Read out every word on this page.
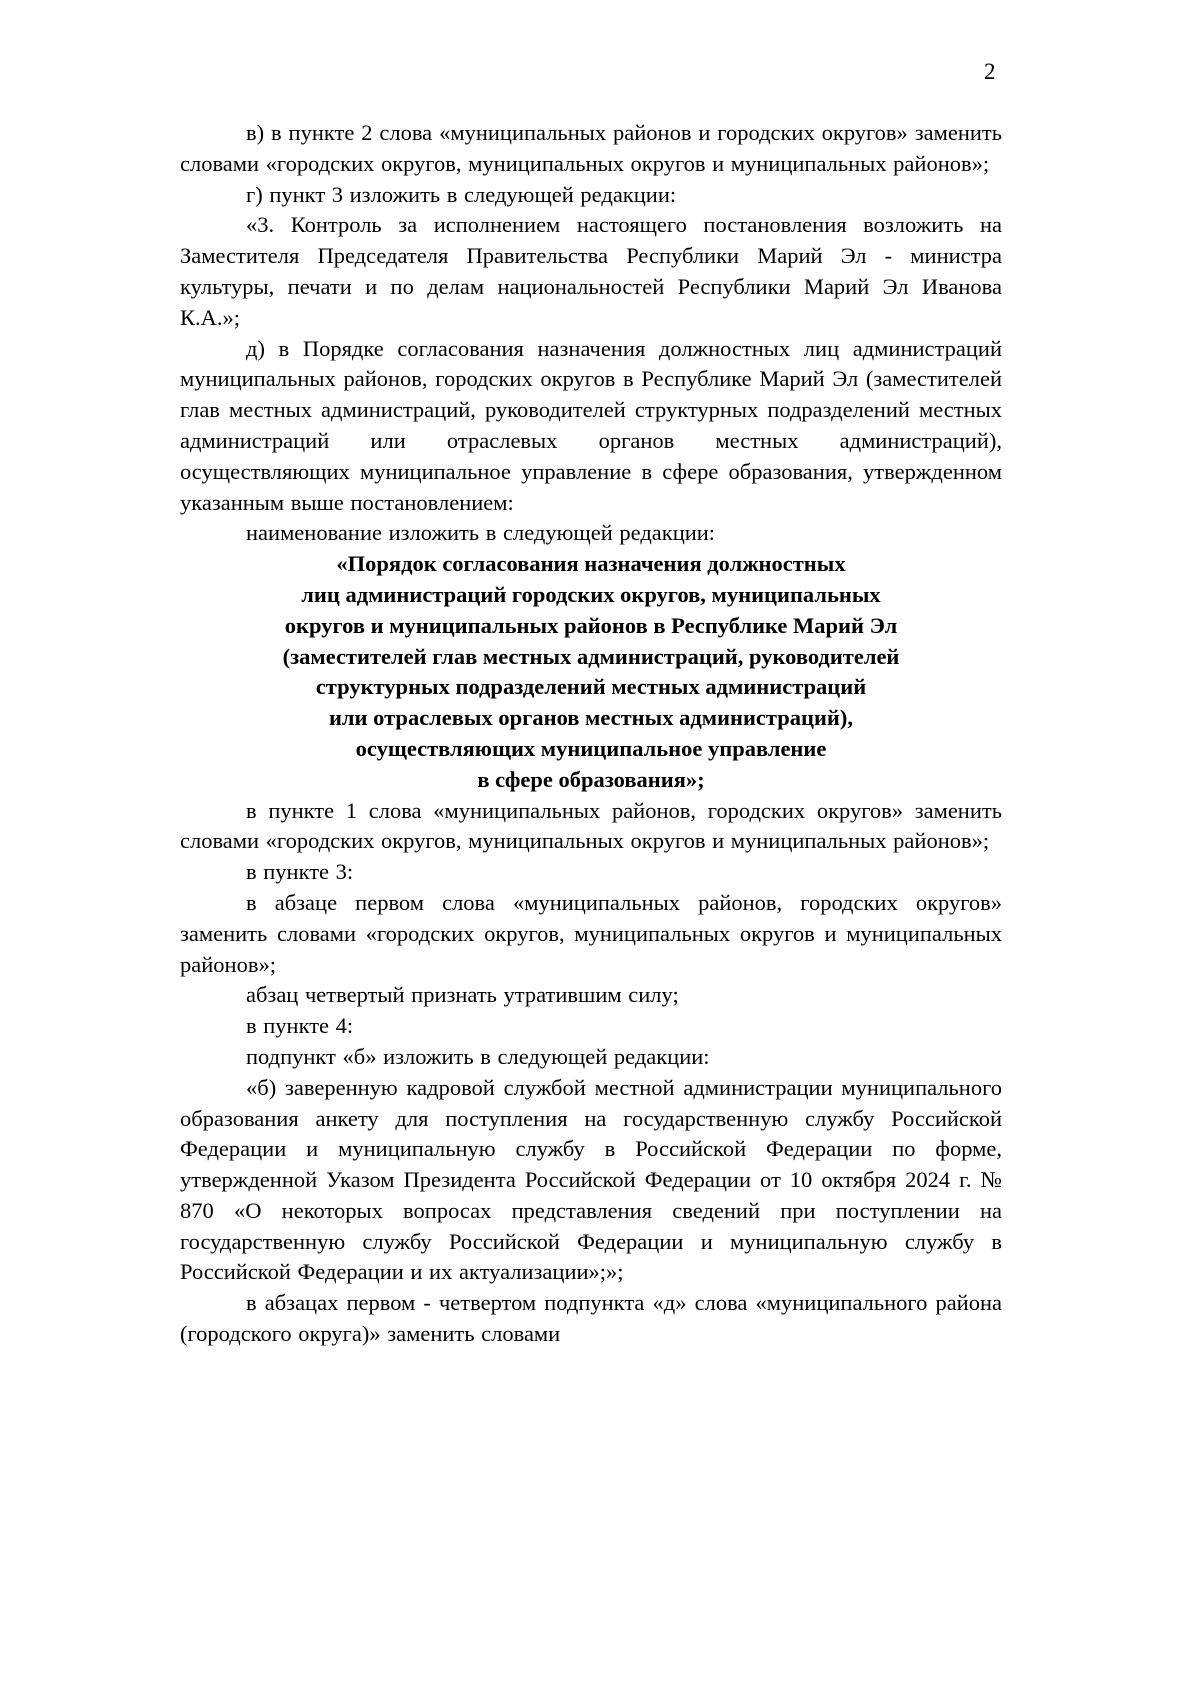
2

в) в пункте 2 слова «муниципальных районов и городских округов» заменить словами «городских округов, муниципальных округов и муниципальных районов»;

г) пункт 3 изложить в следующей редакции:

«3. Контроль за исполнением настоящего постановления возложить на Заместителя Председателя Правительства Республики Марий Эл - министра культуры, печати и по делам национальностей Республики Марий Эл Иванова К.А.»;

д) в Порядке согласования назначения должностных лиц администраций муниципальных районов, городских округов в Республике Марий Эл (заместителей глав местных администраций, руководителей структурных подразделений местных администраций или отраслевых органов местных администраций), осуществляющих муниципальное управление в сфере образования, утвержденном указанным выше постановлением:

наименование изложить в следующей редакции:

«Порядок согласования назначения должностных
лиц администраций городских округов, муниципальных
округов и муниципальных районов в Республике Марий Эл
(заместителей глав местных администраций, руководителей
структурных подразделений местных администраций
или отраслевых органов местных администраций),
осуществляющих муниципальное управление
в сфере образования»;

в пункте 1 слова «муниципальных районов, городских округов» заменить словами «городских округов, муниципальных округов и муниципальных районов»;

в пункте 3:

в абзаце первом слова «муниципальных районов, городских округов» заменить словами «городских округов, муниципальных округов и муниципальных районов»;

абзац четвертый признать утратившим силу;

в пункте 4:

подпункт «б» изложить в следующей редакции:

«б) заверенную кадровой службой местной администрации муниципального образования анкету для поступления на государственную службу Российской Федерации и муниципальную службу в Российской Федерации по форме, утвержденной Указом Президента Российской Федерации от 10 октября 2024 г. № 870 «О некоторых вопросах представления сведений при поступлении на государственную службу Российской Федерации и муниципальную службу в Российской Федерации и их актуализации»;»;

в абзацах первом - четвертом подпункта «д» слова «муниципального района (городского округа)» заменить словами
